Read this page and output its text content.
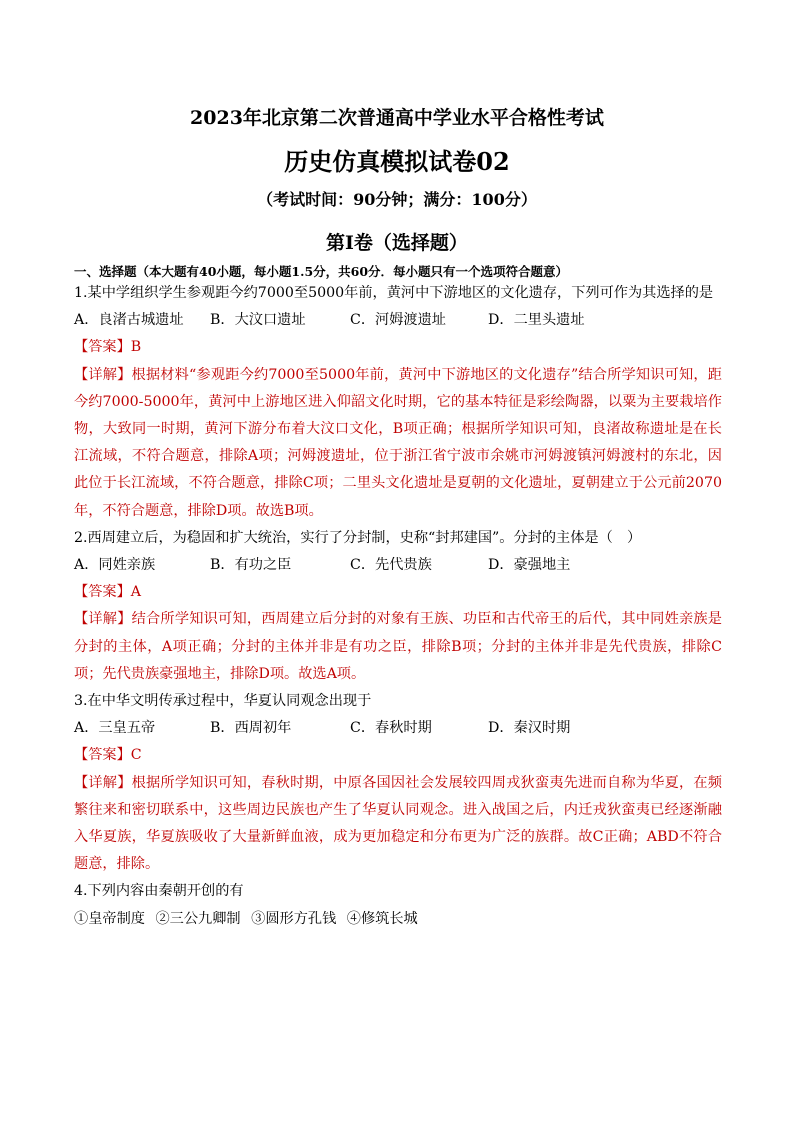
2023年北京第二次普通高中学业水平合格性考试
历史仿真模拟试卷02
（考试时间：90分钟；满分：100分）
第Ⅰ卷（选择题）
一、选择题（本大题有40小题，每小题1.5分，共60分．每小题只有一个选项符合题意）
1.某中学组织学生参观距今约7000至5000年前，黄河中下游地区的文化遗存，下列可作为其选择的是
A．良渚古城遗址	B．大汶口遗址	C．河姆渡遗址	D．二里头遗址
【答案】B
【详解】根据材料“参观距今约7000至5000年前，黄河中下游地区的文化遗存”结合所学知识可知，距今约7000-5000年，黄河中上游地区进入仰韶文化时期，它的基本特征是彩绘陶器，以粟为主要栽培作物，大致同一时期，黄河下游分布着大汶口文化，B项正确；根据所学知识可知，良渚故称遗址是在长江流域，不符合题意，排除A项；河姆渡遗址，位于浙江省宁波市余姚市河姆渡镇河姆渡村的东北，因此位于长江流域，不符合题意，排除C项；二里头文化遗址是夏朝的文化遗址，夏朝建立于公元前2070年，不符合题意，排除D项。故选B项。
2.西周建立后，为稳固和扩大统治，实行了分封制，史称“封邦建国”。分封的主体是（　）
A．同姓亲族	B．有功之臣	C．先代贵族	D．豪强地主
【答案】A
【详解】结合所学知识可知，西周建立后分封的对象有王族、功臣和古代帝王的后代，其中同姓亲族是分封的主体，A项正确；分封的主体并非是有功之臣，排除B项；分封的主体并非是先代贵族，排除C项；先代贵族豪强地主，排除D项。故选A项。
3.在中华文明传承过程中，华夏认同观念出现于
A．三皇五帝	B．西周初年	C．春秋时期	D．秦汉时期
【答案】C
【详解】根据所学知识可知，春秋时期，中原各国因社会发展较四周戎狄蛮夷先进而自称为华夏，在频繁往来和密切联系中，这些周边民族也产生了华夏认同观念。进入战国之后，内迁戎狄蛮夷已经逐渐融入华夏族，华夏族吸收了大量新鲜血液，成为更加稳定和分布更为广泛的族群。故C正确；ABD不符合题意，排除。
4.下列内容由秦朝开创的有
①皇帝制度 ②三公九卿制 ③圆形方孔钱 ④修筑长城
